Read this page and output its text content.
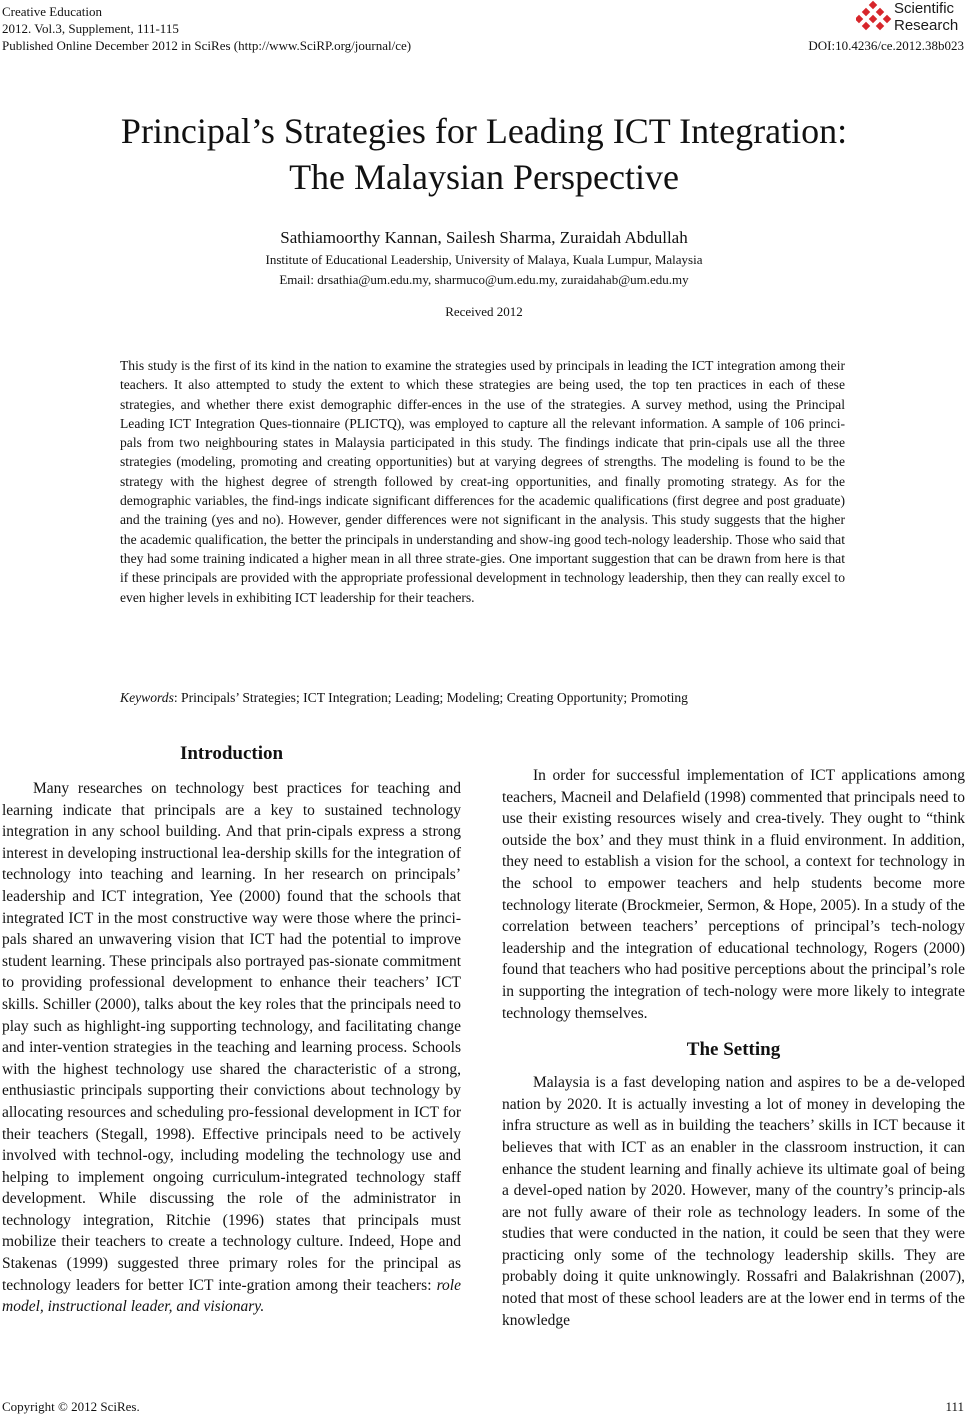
Creative Education
2012. Vol.3, Supplement, 111-115
Published Online December 2012 in SciRes (http://www.SciRP.org/journal/ce)
Scientific
Research
DOI:10.4236/ce.2012.38b023
Principal’s Strategies for Leading ICT Integration:
The Malaysian Perspective
Sathiamoorthy Kannan, Sailesh Sharma, Zuraidah Abdullah
Institute of Educational Leadership, University of Malaya, Kuala Lumpur, Malaysia
Email: drsathia@um.edu.my, sharmuco@um.edu.my, zuraidahab@um.edu.my
Received 2012
This study is the first of its kind in the nation to examine the strategies used by principals in leading the ICT integration among their teachers. It also attempted to study the extent to which these strategies are being used, the top ten practices in each of these strategies, and whether there exist demographic differ-ences in the use of the strategies. A survey method, using the Principal Leading ICT Integration Ques-tionnaire (PLICTQ), was employed to capture all the relevant information. A sample of 106 princi-pals from two neighbouring states in Malaysia participated in this study. The findings indicate that prin-cipals use all the three strategies (modeling, promoting and creating opportunities) but at varying degrees of strengths. The modeling is found to be the strategy with the highest degree of strength followed by creat-ing opportunities, and finally promoting strategy. As for the demographic variables, the find-ings indicate significant differences for the academic qualifications (first degree and post graduate) and the training (yes and no). However, gender differences were not significant in the analysis. This study suggests that the higher the academic qualification, the better the principals in understanding and show-ing good tech-nology leadership. Those who said that they had some training indicated a higher mean in all three strate-gies. One important suggestion that can be drawn from here is that if these principals are provided with the appropriate professional development in technology leadership, then they can really excel to even higher levels in exhibiting ICT leadership for their teachers.
Keywords: Principals’ Strategies; ICT Integration; Leading; Modeling; Creating Opportunity; Promoting
Introduction

Many researches on technology best practices for teaching and learning indicate that principals are a key to sustained technology integration in any school building. And that prin-cipals express a strong interest in developing instructional lea-dership skills for the integration of technology into teaching and learning. In her research on principals’ leadership and ICT integration, Yee (2000) found that the schools that integrated ICT in the most constructive way were those where the princi-pals shared an unwavering vision that ICT had the potential to improve student learning. These principals also portrayed pas-sionate commitment to providing professional development to enhance their teachers’ ICT skills. Schiller (2000), talks about the key roles that the principals need to play such as highlight-ing supporting technology, and facilitating change and inter-vention strategies in the teaching and learning process. Schools with the highest technology use shared the characteristic of a strong, enthusiastic principals supporting their convictions about technology by allocating resources and scheduling pro-fessional development in ICT for their teachers (Stegall, 1998). Effective principals need to be actively involved with technol-ogy, including modeling the technology use and helping to implement ongoing curriculum-integrated technology staff development. While discussing the role of the administrator in technology integration, Ritchie (1996) states that principals must mobilize their teachers to create a technology culture. Indeed, Hope and Stakenas (1999) suggested three primary roles for the principal as technology leaders for better ICT inte-gration among their teachers: role model, instructional leader, and visionary.

In order for successful implementation of ICT applications among teachers, Macneil and Delafield (1998) commented that principals need to use their existing resources wisely and crea-tively. They ought to “think outside the box’ and they must think in a fluid environment. In addition, they need to establish a vision for the school, a context for technology in the school to empower teachers and help students become more technology literate (Brockmeier, Sermon, & Hope, 2005). In a study of the correlation between teachers’ perceptions of principal’s tech-nology leadership and the integration of educational technology, Rogers (2000) found that teachers who had positive perceptions about the principal’s role in supporting the integration of tech-nology were more likely to integrate technology themselves.

The Setting

Malaysia is a fast developing nation and aspires to be a de-veloped nation by 2020. It is actually investing a lot of money in developing the infra structure as well as in building the teachers’ skills in ICT because it believes that with ICT as an enabler in the classroom instruction, it can enhance the student learning and finally achieve its ultimate goal of being a devel-oped nation by 2020. However, many of the country’s princip-als are not fully aware of their role as technology leaders. In some of the studies that were conducted in the nation, it could be seen that they were practicing only some of the technology leadership skills. They are probably doing it quite unknowingly. Rossafri and Balakrishnan (2007), noted that most of these school leaders are at the lower end in terms of the knowledge

Copyright © 2012 SciRes.	111
